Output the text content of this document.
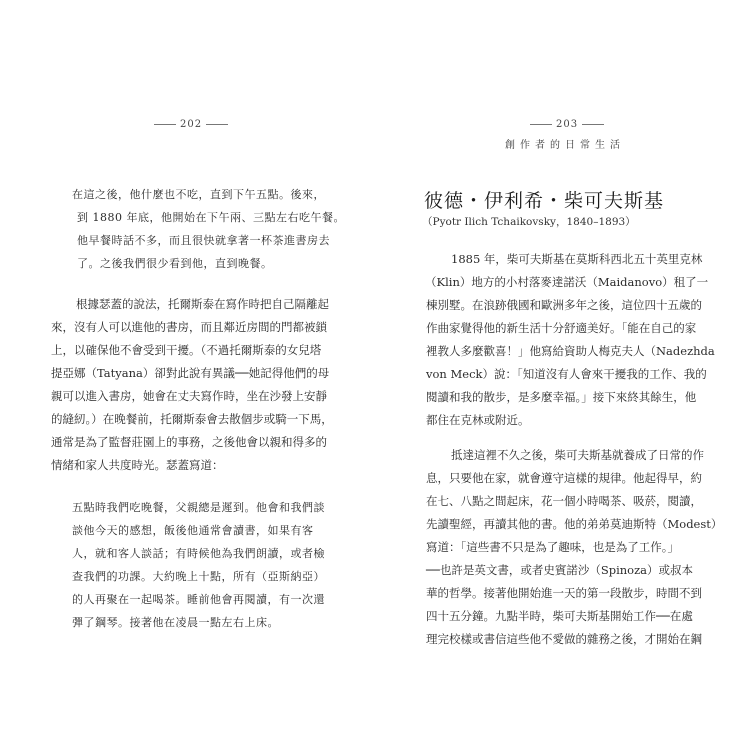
202
在這之後，他什麼也不吃，直到下午五點。後來，
到 1880 年底，他開始在下午兩、三點左右吃午餐。
他早餐時話不多，而且很快就拿著一杯茶進書房去
了。之後我們很少看到他，直到晚餐。
根據瑟蓋的說法，托爾斯泰在寫作時把自己隔離起
來，沒有人可以進他的書房，而且鄰近房間的門都被鎖
上，以確保他不會受到干擾。（不過托爾斯泰的女兒塔
提亞娜（Tatyana）卻對此說有異議──她記得他們的母
親可以進入書房，她會在丈夫寫作時，坐在沙發上安靜
的縫紉。）在晚餐前，托爾斯泰會去散個步或騎一下馬，
通常是為了監督莊園上的事務，之後他會以親和得多的
情緒和家人共度時光。瑟蓋寫道：
五點時我們吃晚餐，父親總是遲到。他會和我們談
談他今天的感想，飯後他通常會讀書，如果有客
人，就和客人談話；有時候他為我們朗讀，或者檢
查我們的功課。大約晚上十點，所有（亞斯納亞）
的人再聚在一起喝茶。睡前他會再閱讀，有一次還
彈了鋼琴。接著他在凌晨一點左右上床。
203
創作者的日常生活
彼德・伊利希・柴可夫斯基
（Pyotr Ilich Tchaikovsky，1840–1893）
1885 年，柴可夫斯基在莫斯科西北五十英里克林
（Klin）地方的小村落麥達諾沃（Maidanovo）租了一
棟別墅。在浪跡俄國和歐洲多年之後，這位四十五歲的
作曲家覺得他的新生活十分舒適美好。「能在自己的家
裡教人多麼歡喜！」他寫給資助人梅克夫人（Nadezhda
von Meck）說：「知道沒有人會來干擾我的工作、我的
閱讀和我的散步，是多麼幸福。」接下來終其餘生，他
都住在克林或附近。
抵達這裡不久之後，柴可夫斯基就養成了日常的作
息，只要他在家，就會遵守這樣的規律。他起得早，約
在七、八點之間起床，花一個小時喝茶、吸菸，閱讀，
先讀聖經，再讀其他的書。他的弟弟莫迪斯特（Modest）
寫道：「這些書不只是為了趣味，也是為了工作。」
──也許是英文書，或者史賓諾沙（Spinoza）或叔本
華的哲學。接著他開始進一天的第一段散步，時間不到
四十五分鐘。九點半時，柴可夫斯基開始工作──在處
理完校樣或書信這些他不愛做的雜務之後，才開始在鋼
